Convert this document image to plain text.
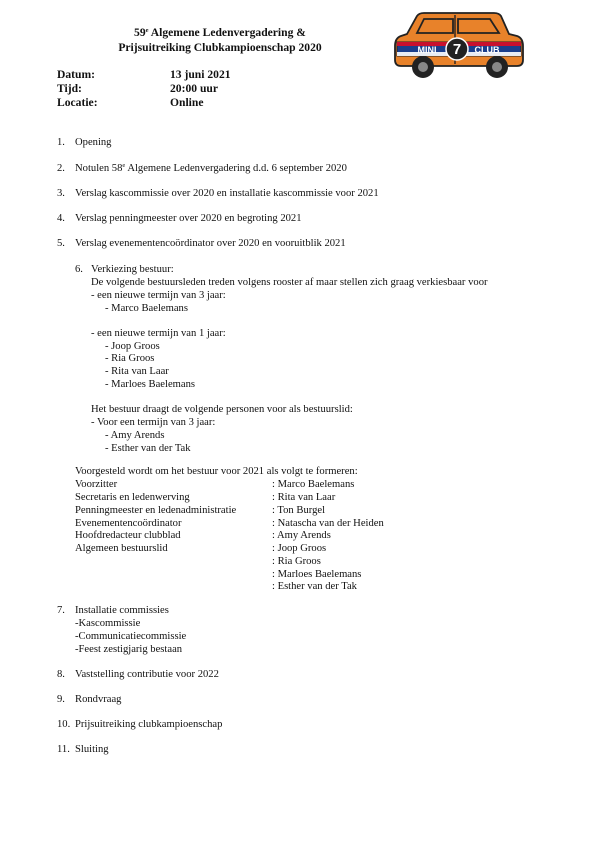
59e Algemene Ledenvergadering &
Prijsuitreiking Clubkampioenschap 2020	7
MINI	CLUB
Datum:	13 juni 2021
Tijd:	20:00 uur
Locatie:	Online
1. Opening
2. Notulen 58e Algemene Ledenvergadering d.d. 6 september 2020
3. Verslag kascommissie over 2020 en installatie kascommissie voor 2021
4. Verslag penningmeester over 2020 en begroting 2021
5. Verslag evenementencoördinator over 2020 en vooruitblik 2021
6. Verkiezing bestuur:
De volgende bestuursleden treden volgens rooster af maar stellen zich graag verkiesbaar voor
- een nieuwe termijn van 3 jaar:
- Marco Baelemans
- een nieuwe termijn van 1 jaar:
- Joop Groos
- Ria Groos
- Rita van Laar
- Marloes Baelemans
Het bestuur draagt de volgende personen voor als bestuurslid:
- Voor een termijn van 3 jaar:
- Amy Arends
- Esther van der Tak
Voorgesteld wordt om het bestuur voor 2021 als volgt te formeren:
Voorzitter	: Marco Baelemans
Secretaris en ledenwerving	: Rita van Laar
Penningmeester en ledenadministratie	: Ton Burgel
Evenementencoördinator	: Natascha van der Heiden
Hoofdredacteur clubblad	: Amy Arends
Algemeen bestuurslid	: Joop Groos
: Ria Groos
: Marloes Baelemans
: Esther van der Tak
7. Installatie commissies
-Kascommissie
-Communicatiecommissie
-Feest zestigjarig bestaan
8. Vaststelling contributie voor 2022
9. Rondvraag
10. Prijsuitreiking clubkampioenschap
11. Sluiting
